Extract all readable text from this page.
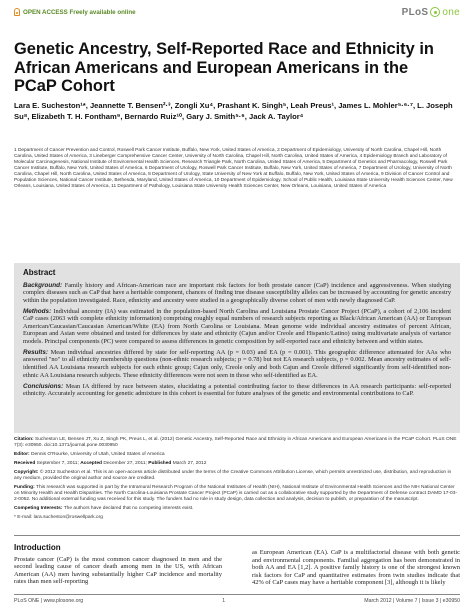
OPEN ACCESS Freely available online	PLoS one
Genetic Ancestry, Self-Reported Race and Ethnicity in African Americans and European Americans in the PCaP Cohort
Lara E. Sucheston¹*, Jeannette T. Bensen²·³, Zongli Xu⁴, Prashant K. Singh⁵, Leah Preus¹, James L. Mohler⁵·⁶·⁷, L. Joseph Su⁸, Elizabeth T. H. Fontham⁹, Bernardo Ruiz¹⁰, Gary J. Smith⁵·⁶, Jack A. Taylor⁴
1 Department of Cancer Prevention and Control, Roswell Park Cancer Institute, Buffalo, New York, United States of America, 2 Department of Epidemiology, University of North Carolina, Chapel Hill, North Carolina, United States of America, 3 Lineberger Comprehensive Cancer Center, University of North Carolina, Chapel Hill, North Carolina, United States of America, 4 Epidemiology Branch and Laboratory of Molecular Carcinogenesis, National Institute of Environmental Health Sciences, Research Triangle Park, North Carolina, United States of America, 5 Department of Genetics and Pharmacology, Roswell Park Cancer Institute, Buffalo, New York, United States of America, 6 Department of Urology, Roswell Park Cancer Institute, Buffalo, New York, United States of America, 7 Department of Urology, University of North Carolina, Chapel Hill, North Carolina, United States of America, 8 Department of Urology, State University of New York at Buffalo, Buffalo, New York, United States of America, 9 Division of Cancer Control and Population Sciences, National Cancer Institute, Bethesda, Maryland, United States of America, 10 Department of Epidemiology, School of Public Health, Louisiana State University Health Sciences Center, New Orleans, Louisiana, United States of America, 11 Department of Pathology, Louisiana State University Health Sciences Center, New Orleans, Louisiana, United States of America
Abstract

Background: Family history and African-American race are important risk factors for both prostate cancer (CaP) incidence and aggressiveness. When studying complex diseases such as CaP that have a heritable component, chances of finding true disease susceptibility alleles can be increased by accounting for genetic ancestry within the population investigated. Race, ethnicity and ancestry were studied in a geographically diverse cohort of men with newly diagnosed CaP.

Methods: Individual ancestry (IA) was estimated in the population-based North Carolina and Louisiana Prostate Cancer Project (PCaP), a cohort of 2,106 incident CaP cases (2063 with complete ethnicity information) comprising roughly equal numbers of research subjects reporting as Black/African American (AA) or European American/Caucasian/Caucasian American/White (EA) from North Carolina or Louisiana. Mean genome wide individual ancestry estimates of percent African, European and Asian were obtained and tested for differences by state and ethnicity (Cajun and/or Creole and Hispanic/Latino) using multivariate analysis of variance models. Principal components (PC) were compared to assess differences in genetic composition by self-reported race and ethnicity between and within states.

Results: Mean individual ancestries differed by state for self-reporting AA (p = 0.03) and EA (p = 0.001). This geographic difference attenuated for AAs who answered "no" to all ethnicity membership questions (non-ethnic research subjects; p = 0.78) but not EA research subjects, p = 0.002. Mean ancestry estimates of self-identified AA Louisiana research subjects for each ethnic group; Cajun only, Creole only and both Cajun and Creole differed significantly from self-identified non-ethnic AA Louisiana research subjects. These ethnicity differences were not seen in those who self-identified as EA.

Conclusions: Mean IA differed by race between states, elucidating a potential contributing factor to these differences in AA research participants: self-reported ethnicity. Accurately accounting for genetic admixture in this cohort is essential for future analyses of the genetic and environmental contributions to CaP.

Citation: Sucheston LE, Bensen JT, Xu Z, Singh PK, Preus L, et al. (2012) Genetic Ancestry, Self-Reported Race and Ethnicity in African Americans and European Americans in the PCaP Cohort. PLoS ONE 7(3): e30950. doi:10.1371/journal.pone.0030950

Editor: Dennis O'Rourke, University of Utah, United States of America

Received September 7, 2011; Accepted December 27, 2011; Published March 27, 2012

Copyright: © 2012 Sucheston et al. This is an open-access article distributed under the terms of the Creative Commons Attribution License, which permits unrestricted use, distribution, and reproduction in any medium, provided the original author and source are credited.

Funding: This research was supported in part by the Intramural Research Program of the National Institutes of Health (NIH), National Institute of Environmental Health Sciences and the NIH National Center on Minority Health and Health Disparities. The North Carolina-Louisiana Prostate Cancer Project (PCaP) is carried out as a collaborative study supported by the Department of Defense contract DAMD 17-03-2-0052. No additional external funding was received for this study. The funders had no role in study design, data collection and analysis, decision to publish, or preparation of the manuscript.

Competing Interests: The authors have declared that no competing interests exist.

* E-mail: lara.sucheston@roswellpark.org

Introduction
Prostate cancer (CaP) is the most common cancer diagnosed in men and the second leading cause of cancer death among men in the US, with African American (AA) men having substantially higher CaP incidence and mortality rates than men self-reporting
as European American (EA). CaP is a multifactorial disease with both genetic and environmental components. Familial aggregation has been demonstrated in both AA and EA [1,2]. A positive family history is one of the strongest known risk factors for CaP and quantitative estimates from twin studies indicate that 42% of CaP cases may have a heritable component [3], although it is likely
PLoS ONE | www.plosone.org	1	March 2012 | Volume 7 | Issue 3 | e30950
